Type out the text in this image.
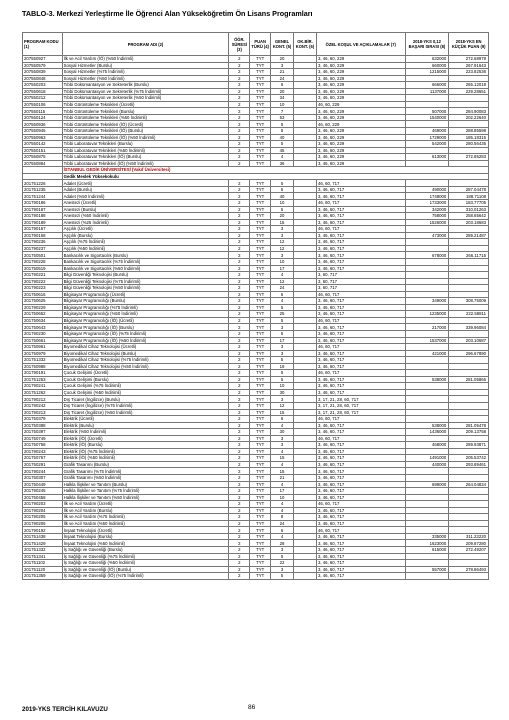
TABLO-3. Merkezi Yerleştirme İle Öğrenci Alan Yükseköğretim Ön Lisans Programları
PROGRAM KODU (1)	PROGRAM ADI (2)	ÖĞR. SÜRESİ (3)	PUAN TÜRÜ (4)	GENEL KONT. (5)	OK.BİR. KONT. (6)	ÖZEL KOŞUL VE AÇIKLAMALAR (7)	2018-YKS 0,12 BAŞARI SIRASI (8)	2018-YKS EN KÜÇÜK PUAN (9)
207550927	İlk ve Acil Yardım (İÖ) (%50 İndirimli)	2	TYT	20		3, 46, 60, 229	632000	272.68978
207550579	Sosyal Hizmetler (Burslu)	2	TYT	3		3, 46, 60, 229	660000	267.91643
207550839	Sosyal Hizmetler (%75 İndirimli)	2	TYT	21		3, 46, 60, 229	1215000	223.82536
207550848	Sosyal Hizmetler (%50 İndirimli)	2	TYT	24		3, 46, 60, 229		
207550203	Tıbbi Dokümantasyon ve Sekreterlik (Burslu)	2	TYT	6		3, 46, 60, 229	666000	265.12018
207550618	Tıbbi Dokümantasyon ve Sekreterlik (%75 İndirimli)	2	TYT	20		3, 46, 60, 229	1137000	229.28651
207550212	Tıbbi Dokümantasyon ve Sekreterlik (%50 İndirimli)	2	TYT	34		3, 46, 60, 229		
207550106	Tıbbi Görüntüleme Teknikleri (Ücretli)	2	TYT	10		46, 60, 229		
207550115	Tıbbi Görüntüleme Teknikleri (Burslu)	2	TYT	7		3, 46, 60, 229	507000	284.90083
207550124	Tıbbi Görüntüleme Teknikleri (%50 İndirimli)	2	TYT	53		3, 46, 60, 229	1540000	202.22640
207550936	Tıbbi Görüntüleme Teknikleri (İÖ) (Ücretli)	2	TYT	5		46, 60, 229		
207550945	Tıbbi Görüntüleme Teknikleri (İÖ) (Burslu)	2	TYT	5		3, 46, 60, 229	469000	288.85598
207550963	Tıbbi Görüntüleme Teknikleri (İÖ) (%50 İndirimli)	2	TYT	40		3, 46, 60, 229	1729000	185.18315
207550142	Tıbbi Laboratuvar Teknikleri (Burslu)	2	TYT	5		3, 46, 60, 229	542000	280.56435
207550151	Tıbbi Laboratuvar Teknikleri (%50 İndirimli)	2	TYT	45		3, 46, 60, 229		
207550875	Tıbbi Laboratuvar Teknikleri (İÖ) (Burslu)	2	TYT	4		3, 46, 60, 229	613000	272.85283
207550884	Tıbbi Laboratuvar Teknikleri (İÖ) (%50 İndirimli)	2	TYT	36		3, 46, 60, 229		
	İSTANBUL GEDİK ÜNİVERSİTESİ (Vakıf Üniversitesi)							
	Gedik Meslek Yüksekokulu							
201751226	Adalet (Ücretli)	2	TYT	5		46, 60, 717		
201751235	Adalet (Burslu)	2	TYT	5		3, 46, 60, 717	490000	287.04478
201751244	Adalet (%50 İndirimli)	2	TYT	40		3, 46, 60, 717	1748000	188.71108
201790186	Anestezi (Ücretli)	2	TYT	10		46, 60, 717	1733000	183.77705
201790187	Anestezi (Burslu)	2	TYT	5		3, 46, 60, 717	342000	310.01263
201790188	Anestezi (%50 İndirimli)	2	TYT	20		3, 46, 60, 717	758000	258.65642
201790189	Anestezi (%25 İndirimli)	2	TYT	15		3, 46, 60, 717	1526000	203.18683
201790167	Aşçılık (Ücretli)	2	TYT	3		46, 60, 717		
201790168	Aşçılık (Burslu)	2	TYT	3		3, 46, 60, 717	473000	289.21487
201790236	Aşçılık (%75 İndirimli)	2	TYT	12		3, 46, 60, 717		
201790237	Aşçılık (%50 İndirimli)	2	TYT	12		3, 46, 60, 717		
201750501	Bankacılık ve Sigortacılık (Burslu)	2	TYT	3		3, 46, 60, 717	678000	266.11715
201790228	Bankacılık ve Sigortacılık (%75 İndirimli)	2	TYT	10		3, 46, 60, 717		
201750519	Bankacılık ve Sigortacılık (%50 İndirimli)	2	TYT	17		3, 46, 60, 717		
201790221	Bilgi Güvenliği Teknolojisi (Burslu)	2	TYT	4		3, 60, 717		
201790222	Bilgi Güvenliği Teknolojisi (%75 İndirimli)	2	TYT	12		3, 60, 717		
201790223	Bilgi Güvenliği Teknolojisi (%50 İndirimli)	2	TYT	24		3, 60, 717		
201750616	Bilgisayar Programcılığı (Ücretli)	2	TYT	6		46, 60, 717		
201750625	Bilgisayar Programcılığı (Burslu)	2	TYT	4		3, 46, 60, 717	349000	308.75009
201790229	Bilgisayar Programcılığı (%75 İndirimli)	2	TYT	5		3, 46, 60, 717		
201750652	Bilgisayar Programcılığı (%50 İndirimli)	2	TYT	25		3, 46, 60, 717	1235000	222.58811
201750634	Bilgisayar Programcılığı (İÖ) (Ücretli)	2	TYT	5		46, 60, 717		
201750643	Bilgisayar Programcılığı (İÖ) (Burslu)	2	TYT	3		3, 46, 60, 717	217000	339.96084
201790230	Bilgisayar Programcılığı (İÖ) (%75 İndirimli)	2	TYT	5		3, 46, 60, 717		
201750661	Bilgisayar Programcılığı (İÖ) (%50 İndirimli)	2	TYT	17		3, 46, 60, 717	1537000	203.10687
201750961	Biyomedikal Cihaz Teknolojisi (Ücretli)	2	TYT	3		46, 60, 717		
201750979	Biyomedikal Cihaz Teknolojisi (Burslu)	2	TYT	3		3, 46, 60, 717	421000	296.67890
201751332	Biyomedikal Cihaz Teknolojisi (%75 İndirimli)	2	TYT	5		3, 46, 60, 717		
201750988	Biyomedikal Cihaz Teknolojisi (%50 İndirimli)	2	TYT	19		3, 46, 60, 717		
201790191	Çocuk Gelişimi (Ücretli)	2	TYT	5		46, 60, 717		
201751253	Çocuk Gelişimi (Burslu)	2	TYT	5		3, 46, 60, 717	538000	281.05866
201790241	Çocuk Gelişimi (%75 İndirimli)	2	TYT	10		3, 46, 60, 717		
201751262	Çocuk Gelişimi (%50 İndirimli)	2	TYT	30		3, 46, 60, 717		
201790212	Dış Ticaret (İngilizce) (Burslu)	2	TYT	3		3, 17, 21, 28, 60, 717		
201790242	Dış Ticaret (İngilizce) (%75 İndirimli)	2	TYT	12		3, 17, 21, 28, 60, 717		
201790213	Dış Ticaret (İngilizce) (%50 İndirimli)	2	TYT	15		3, 17, 21, 28, 60, 717		
201750379	Elektrik (Ücretli)	2	TYT	6		46, 60, 717		
201750388	Elektrik (Burslu)	2	TYT	4		3, 46, 60, 717	538000	281.05478
201750397	Elektrik (%50 İndirimli)	2	TYT	30		3, 46, 60, 717	1436000	209.13758
201750749	Elektrik (İÖ) (Ücretli)	2	TYT	3		46, 60, 717		
201750758	Elektrik (İÖ) (Burslu)	2	TYT	3		3, 46, 60, 717	468000	289.93871
201790243	Elektrik (İÖ) (%75 İndirimli)	2	TYT	4		3, 46, 60, 717		
201750767	Elektrik (İÖ) (%50 İndirimli)	2	TYT	15		3, 46, 60, 717	1491000	205.53742
201750291	Grafik Tasarımı (Burslu)	2	TYT	4		3, 46, 60, 717	440000	293.89461
201790244	Grafik Tasarımı (%75 İndirimli)	2	TYT	15		3, 46, 60, 717		
201750307	Grafik Tasarımı (%50 İndirimli)	2	TYT	21		3, 46, 60, 717		
201750449	Halkla İlişkiler ve Tanıtım (Burslu)	2	TYT	4		3, 46, 60, 717	699000	264.04834
201790245	Halkla İlişkiler ve Tanıtım (%75 İndirimli)	2	TYT	17		3, 46, 60, 717		
201750458	Halkla İlişkiler ve Tanıtım (%50 İndirimli)	2	TYT	10		3, 46, 60, 717		
201790203	İlk ve Acil Yardım (Ücretli)	2	TYT	4		46, 60, 717		
201790204	İlk ve Acil Yardım (Burslu)	2	TYT	4		3, 46, 60, 717		
201790205	İlk ve Acil Yardım (%75 İndirimli)	2	TYT	8		3, 46, 60, 717		
201790206	İlk ve Acil Yardım (%50 İndirimli)	2	TYT	24		3, 46, 60, 717		
201790192	İnşaat Teknolojisi (Ücretli)	2	TYT	6		46, 60, 717		
201751438	İnşaat Teknolojisi (Burslu)	2	TYT	4		3, 46, 60, 717	335000	311.23220
201751429	İnşaat Teknolojisi (%50 İndirimli)	2	TYT	28		3, 46, 60, 717	1623000	209.87280
201751332	İş Sağlığı ve Güvenliği (Burslu)	2	TYT	3		3, 46, 60, 717	615000	272.49207
201751341	İş Sağlığı ve Güvenliği (%75 İndirimli)	2	TYT	5		3, 46, 60, 717		
201751102	İş Sağlığı ve Güvenliği (%50 İndirimli)	2	TYT	22		3, 46, 60, 717		
201751120	İş Sağlığı ve Güvenliği (İÖ) (Burslu)	2	TYT	3		3, 46, 60, 717	557000	278.86493
201751359	İş Sağlığı ve Güvenliği (İÖ) (%75 İndirimli)	2	TYT	5		3, 46, 60, 717		
2019-YKS TERCİH KILAVUZU	86
